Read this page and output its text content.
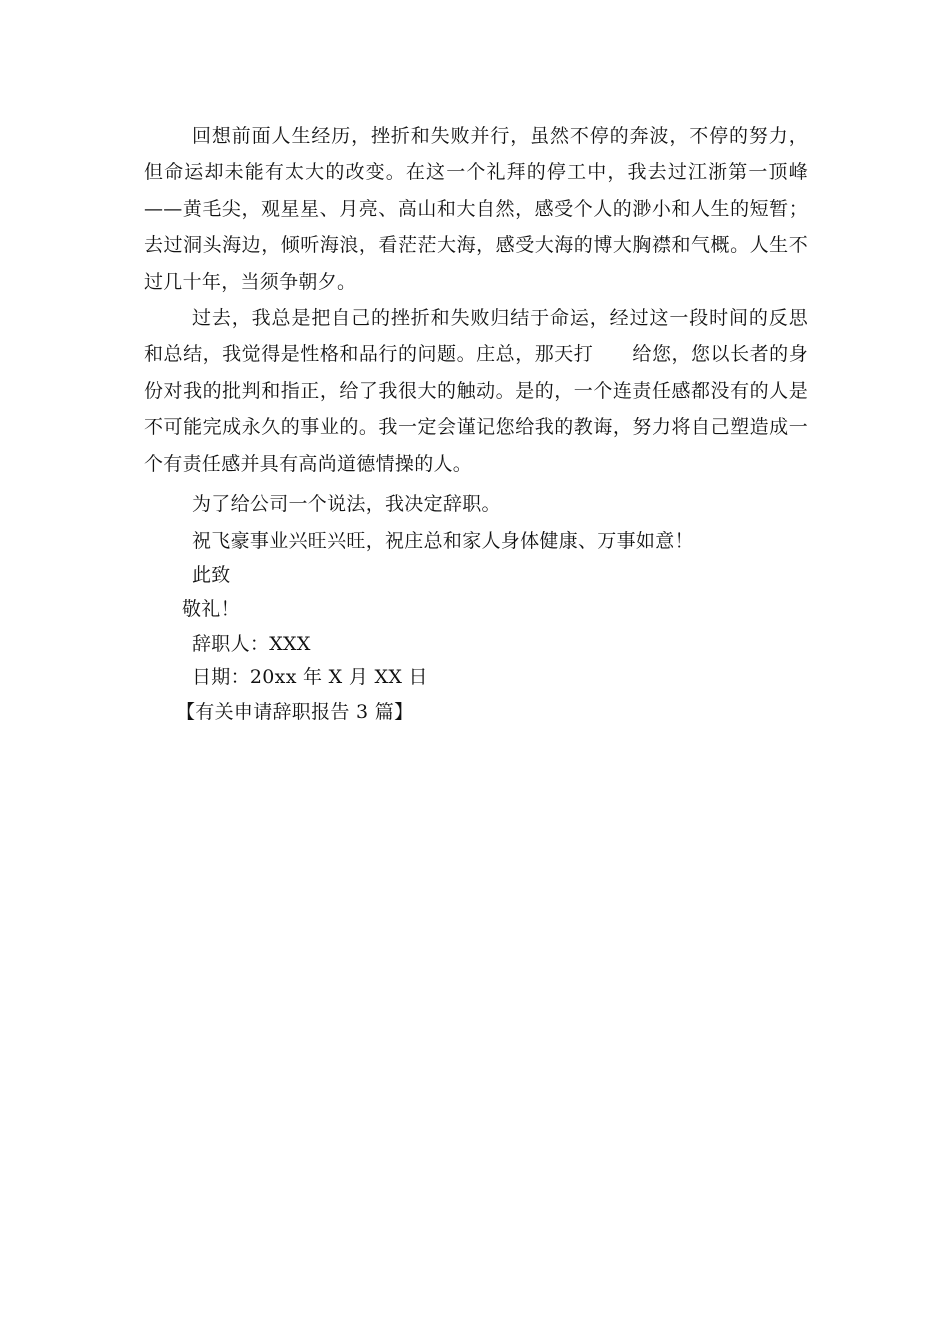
回想前面人生经历，挫折和失败并行，虽然不停的奔波，不停的努力，但命运却未能有太大的改变。在这一个礼拜的停工中，我去过江浙第一顶峰——黄毛尖，观星星、月亮、高山和大自然，感受个人的渺小和人生的短暂；去过洞头海边，倾听海浪，看茫茫大海，感受大海的博大胸襟和气概。人生不过几十年，当须争朝夕。

过去，我总是把自己的挫折和失败归结于命运，经过这一段时间的反思和总结，我觉得是性格和品行的问题。庄总，那天打　　给您，您以长者的身份对我的批判和指正，给了我很大的触动。是的，一个连责任感都没有的人是不可能完成永久的事业的。我一定会谨记您给我的教诲，努力将自己塑造成一个有责任感并具有高尚道德情操的人。

为了给公司一个说法，我决定辞职。
祝飞豪事业兴旺兴旺，祝庄总和家人身体健康、万事如意！
此致
敬礼！
辞职人：XXX
日期：20xx 年 X 月 XX 日
【有关申请辞职报告 3 篇】
